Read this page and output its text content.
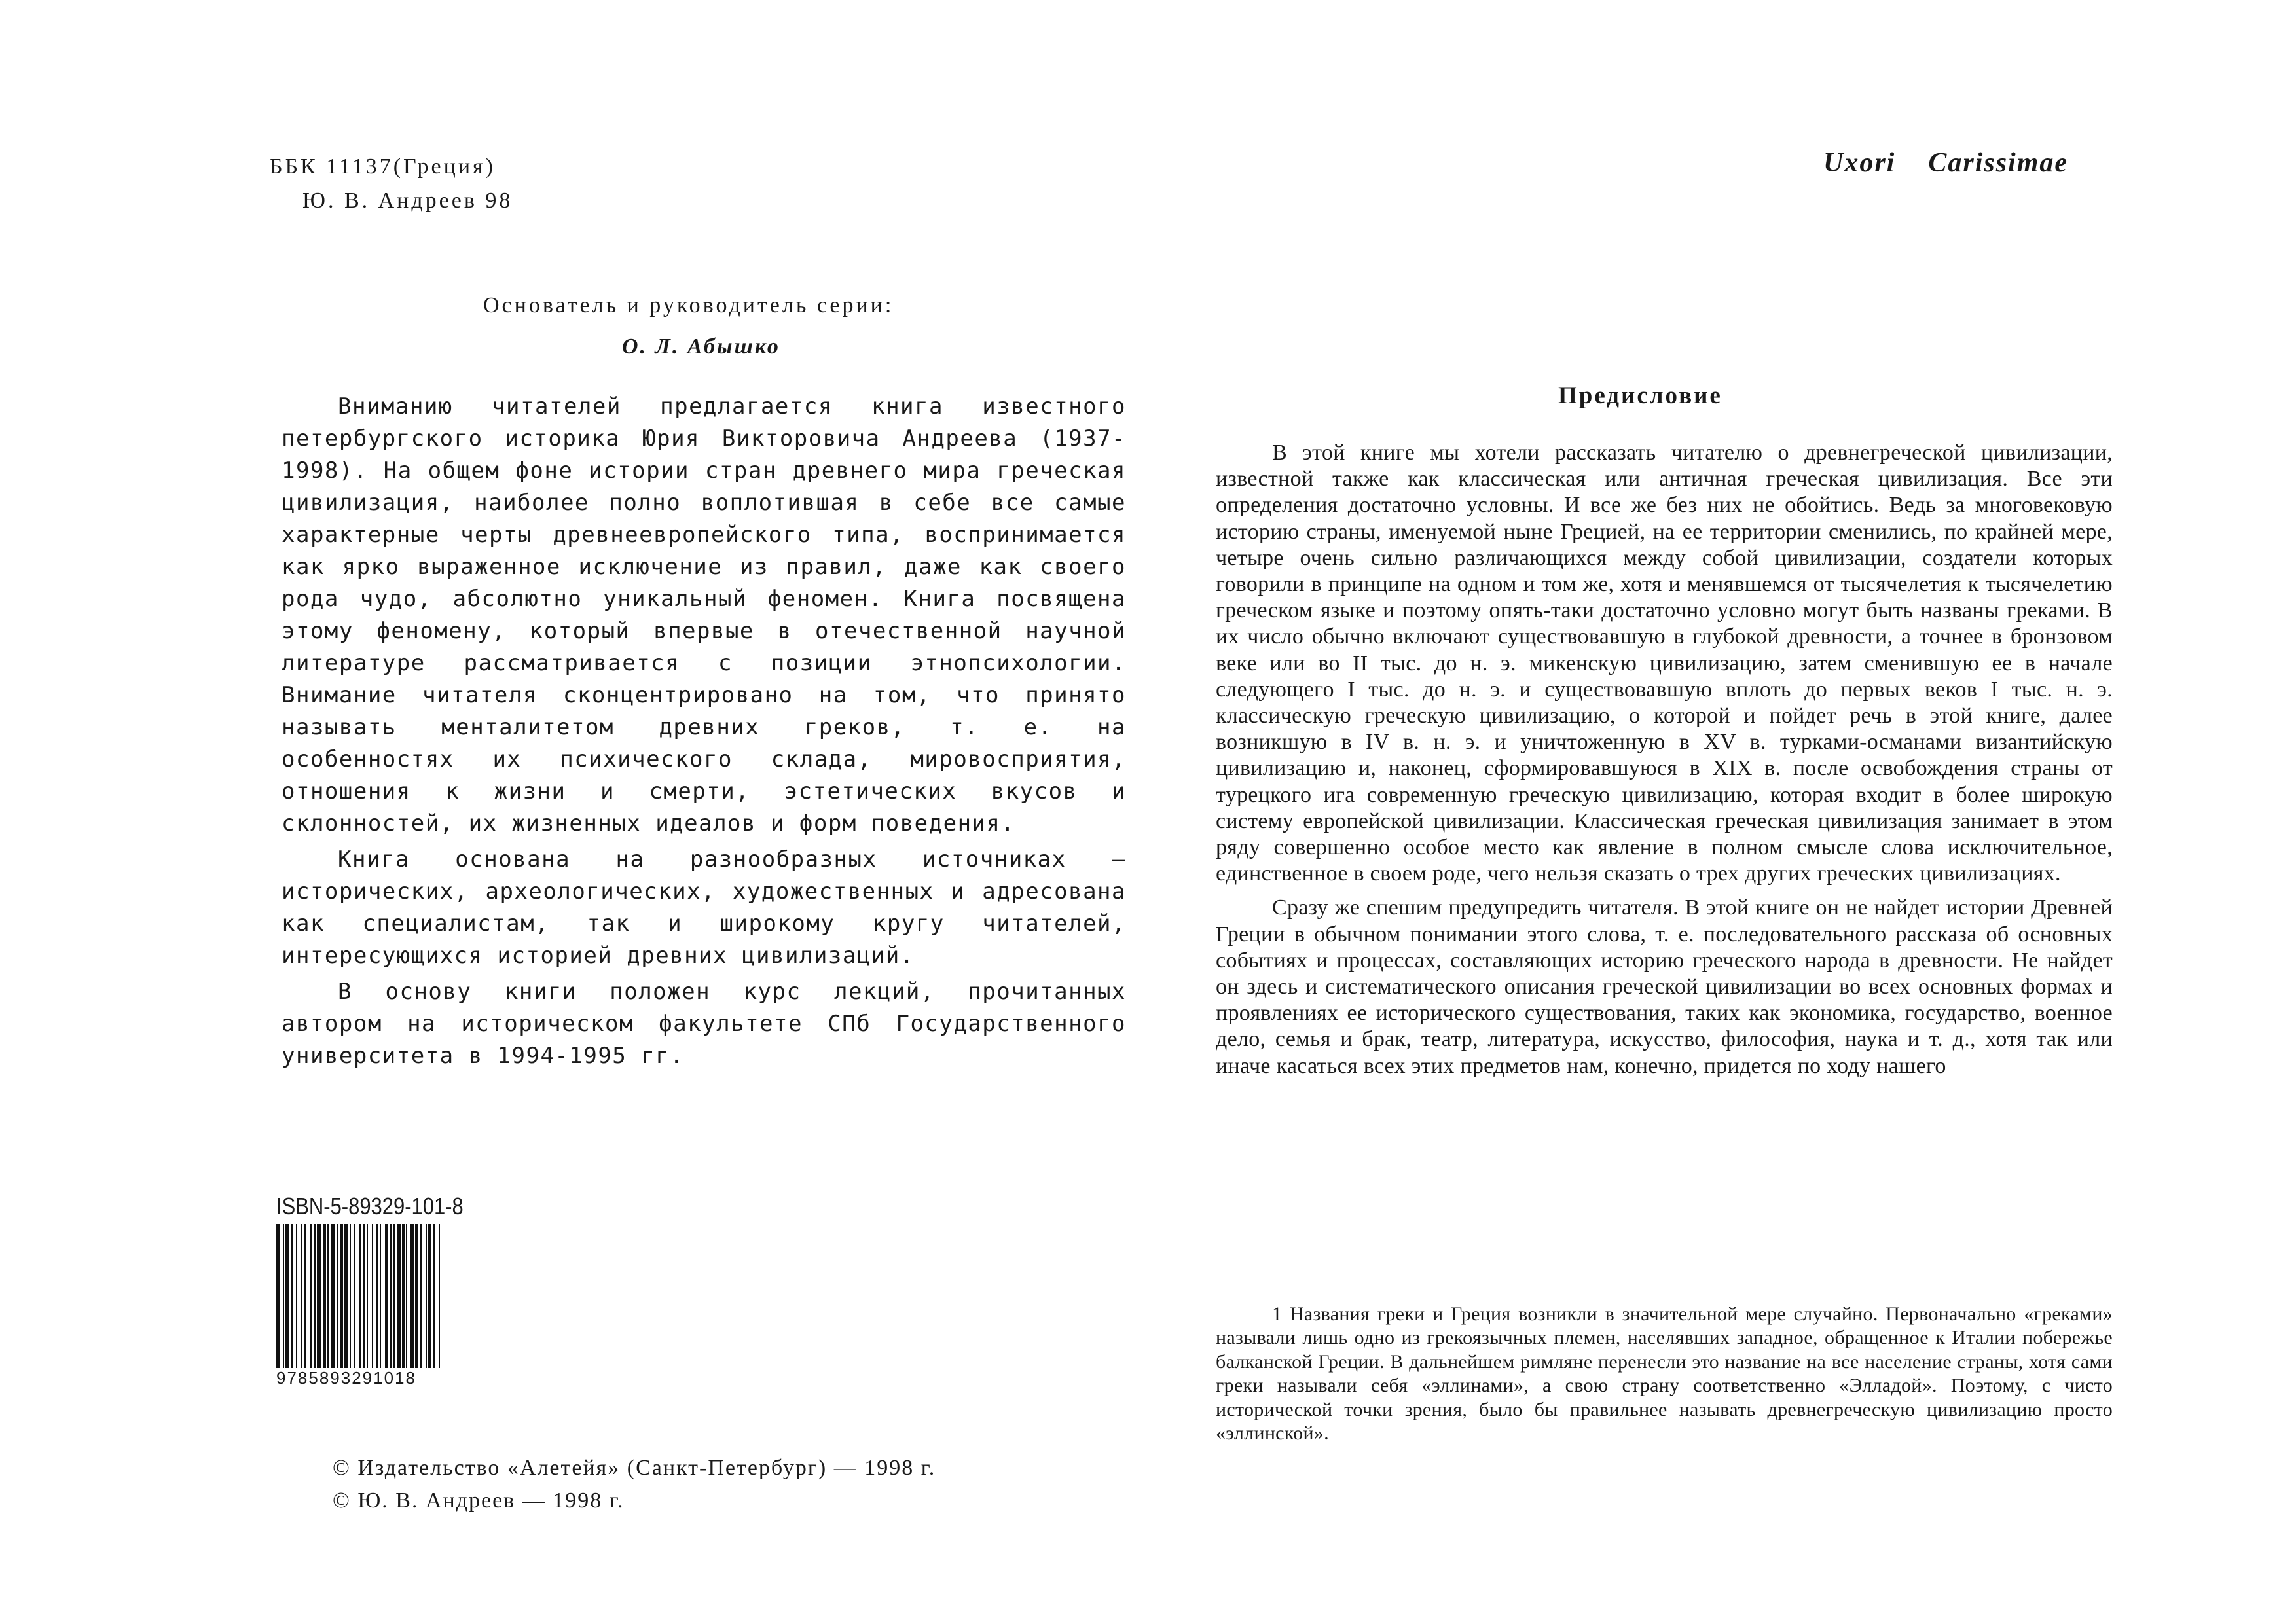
ББК 11137(Греция)
Ю. В. Андреев 98
Основатель и руководитель серии:
О. Л. Абышко

Вниманию читателей предлагается книга известного петербургского историка Юрия Викторовича Андреева (1937-1998). На общем фоне истории стран древнего мира греческая цивилизация, наиболее полно воплотившая в себе все самые характерные черты древнеевропейского типа, воспринимается как ярко выраженное исключение из правил, даже как своего рода чудо, абсолютно уникальный феномен. Книга посвящена этому феномену, который впервые в отечественной научной литературе рассматривается с позиции этнопсихологии. Внимание читателя сконцентрировано на том, что принято называть менталитетом древних греков, т. е. на особенностях их психического склада, мировосприятия, отношения к жизни и смерти, эстетических вкусов и склонностей, их жизненных идеалов и форм поведения.

Книга основана на разнообразных источниках — исторических, археологических, художественных и адресована как специалистам, так и широкому кругу читателей, интересующихся историей древних цивилизаций.

В основу книги положен курс лекций, прочитанных автором на историческом факультете СПб Государственного университета в 1994-1995 гг.

ISBN-5-89329-101-8
9785893291018
© Издательство «Алетейя» (Санкт-Петербург) — 1998 г.
© Ю. В. Андреев — 1998 г.
Uxori    Carissimae
Предисловие

В этой книге мы хотели рассказать читателю о древнегреческой цивилизации, известной также как классическая или античная греческая цивилизация. Все эти определения достаточно условны. И все же без них не обойтись. Ведь за многовековую историю страны, именуемой ныне Грецией, на ее территории сменились, по крайней мере, четыре очень сильно различающихся между собой цивилизации, создатели которых говорили в принципе на одном и том же, хотя и менявшемся от тысячелетия к тысячелетию греческом языке и поэтому опять-таки достаточно условно могут быть названы греками. В их число обычно включают существовавшую в глубокой древности, а точнее в бронзовом веке или во II тыс. до н. э. микенскую цивилизацию, затем сменившую ее в начале следующего I тыс. до н. э. и существовавшую вплоть до первых веков I тыс. н. э. классическую греческую цивилизацию, о которой и пойдет речь в этой книге, далее возникшую в IV в. н. э. и уничтоженную в XV в. турками-османами византийскую цивилизацию и, наконец, сформировавшуюся в XIX в. после освобождения страны от турецкого ига современную греческую цивилизацию, которая входит в более широкую систему европейской цивилизации. Классическая греческая цивилизация занимает в этом ряду совершенно особое место как явление в полном смысле слова исключительное, единственное в своем роде, чего нельзя сказать о трех других греческих цивилизациях.

Сразу же спешим предупредить читателя. В этой книге он не найдет истории Древней Греции в обычном понимании этого слова, т. е. последовательного рассказа об основных событиях и процессах, составляющих историю греческого народа в древности. Не найдет он здесь и систематического описания греческой цивилизации во всех основных формах и проявлениях ее исторического существования, таких как экономика, государство, военное дело, семья и брак, театр, литература, искусство, философия, наука и т. д., хотя так или иначе касаться всех этих предметов нам, конечно, придется по ходу нашего

1 Названия греки и Греция возникли в значительной мере случайно. Первоначально «греками» называли лишь одно из грекоязычных племен, населявших западное, обращенное к Италии побережье балканской Греции. В дальнейшем римляне перенесли это название на все население страны, хотя сами греки называли себя «эллинами», а свою страну соответственно «Элладой». Поэтому, с чисто исторической точки зрения, было бы правильнее называть древнегреческую цивилизацию просто «эллинской».
